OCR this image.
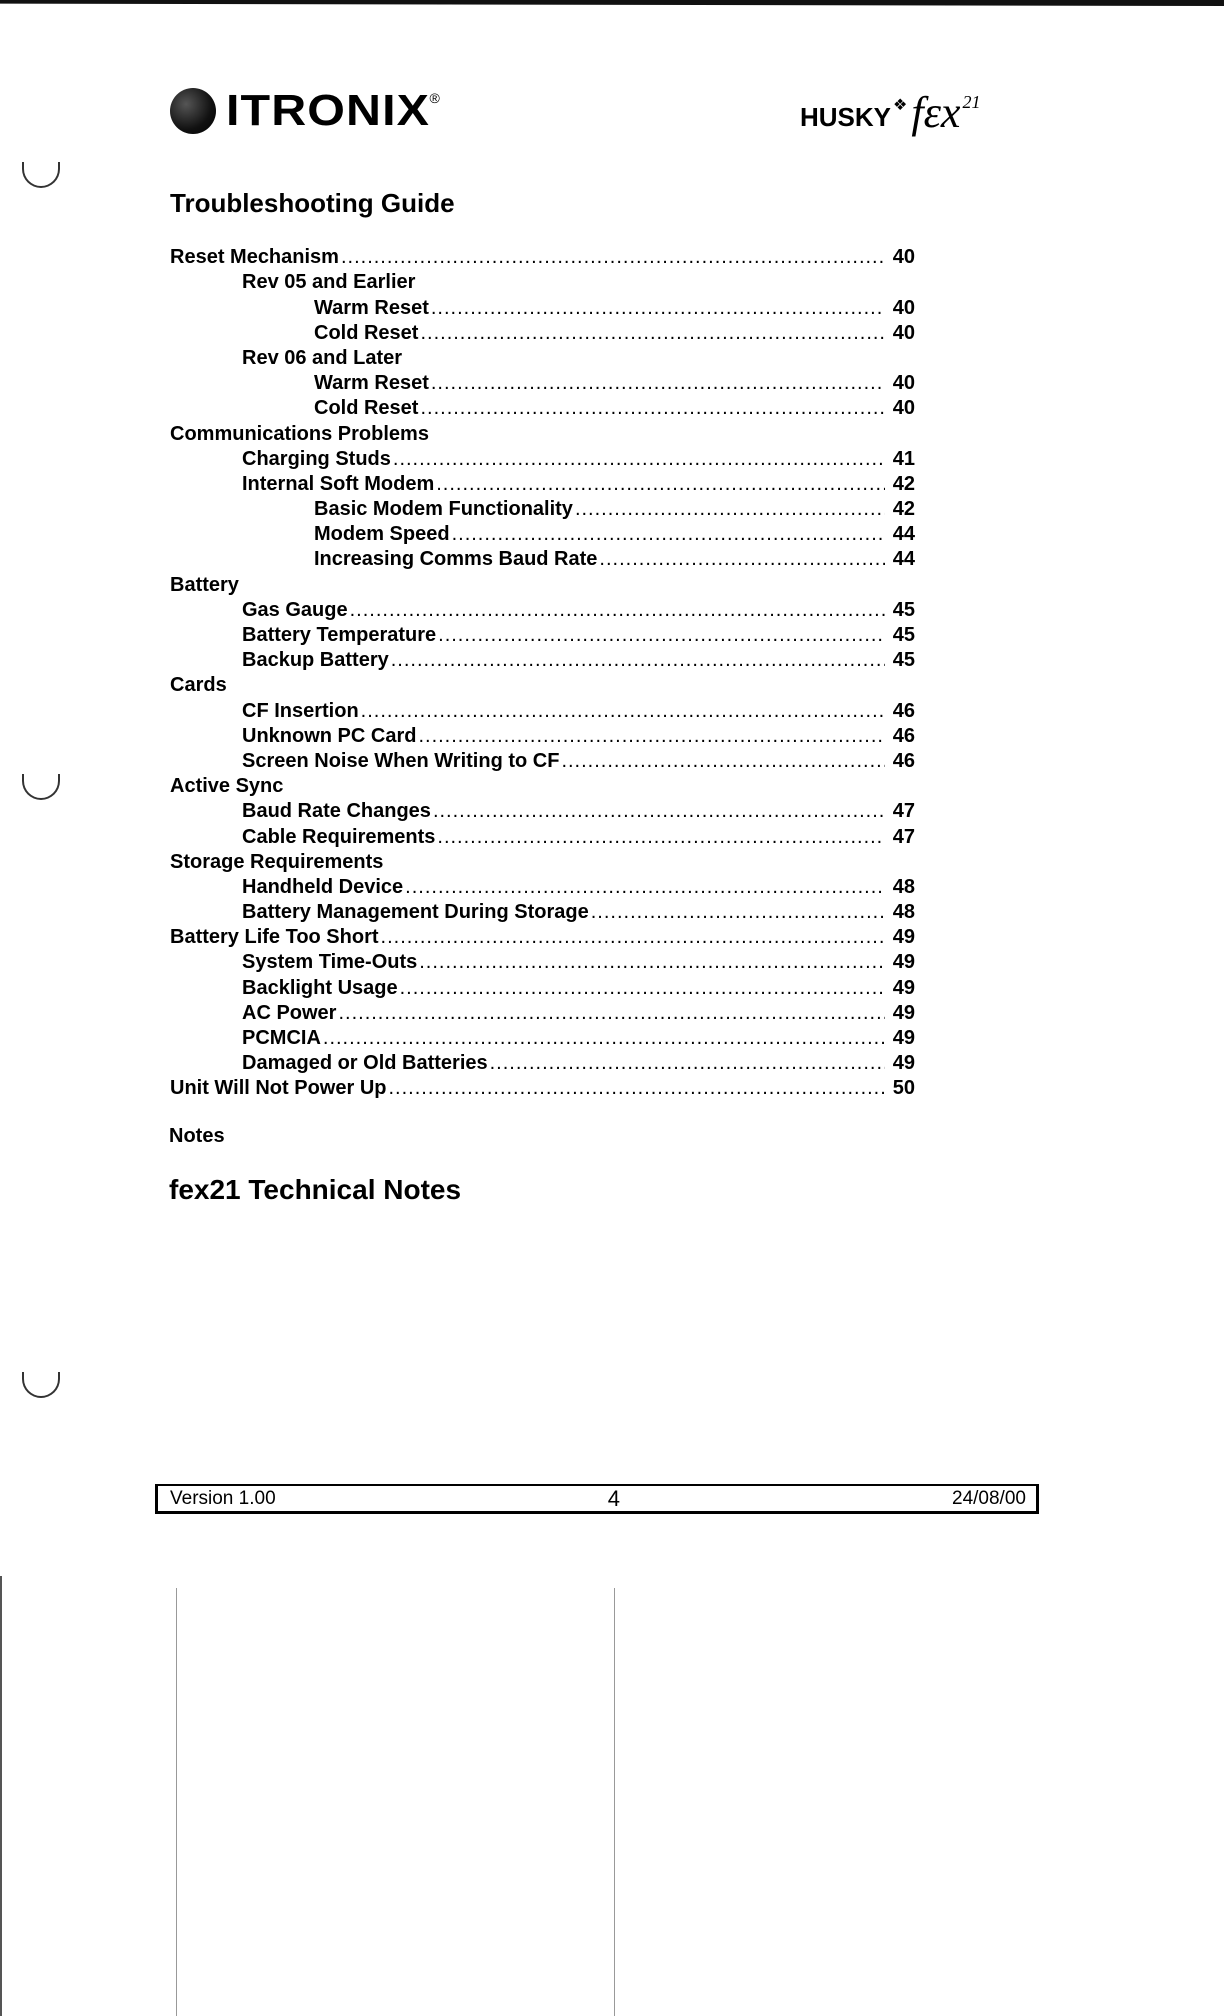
ITRONIX ®
HUSKY ❖ fεx 21
Troubleshooting Guide
Reset Mechanism .....	40
Rev 05 and Earlier
Warm Reset .....	40
Cold Reset .....	40
Rev 06 and Later
Warm Reset .....	40
Cold Reset .....	40
Communications Problems
Charging Studs .....	41
Internal Soft Modem .....	42
Basic Modem Functionality .....	42
Modem Speed .....	44
Increasing Comms Baud Rate .....	44
Battery
Gas Gauge .....	45
Battery Temperature .....	45
Backup Battery .....	45
Cards
CF Insertion .....	46
Unknown PC Card .....	46
Screen Noise When Writing to CF .....	46
Active Sync
Baud Rate Changes .....	47
Cable Requirements .....	47
Storage Requirements
Handheld Device .....	48
Battery Management During Storage .....	48
Battery Life Too Short .....	49
System Time-Outs .....	49
Backlight Usage .....	49
AC Power .....	49
PCMCIA .....	49
Damaged or Old Batteries .....	49
Unit Will Not Power Up .....	50
Notes
fex21 Technical Notes
Version 1.00	4	24/08/00
